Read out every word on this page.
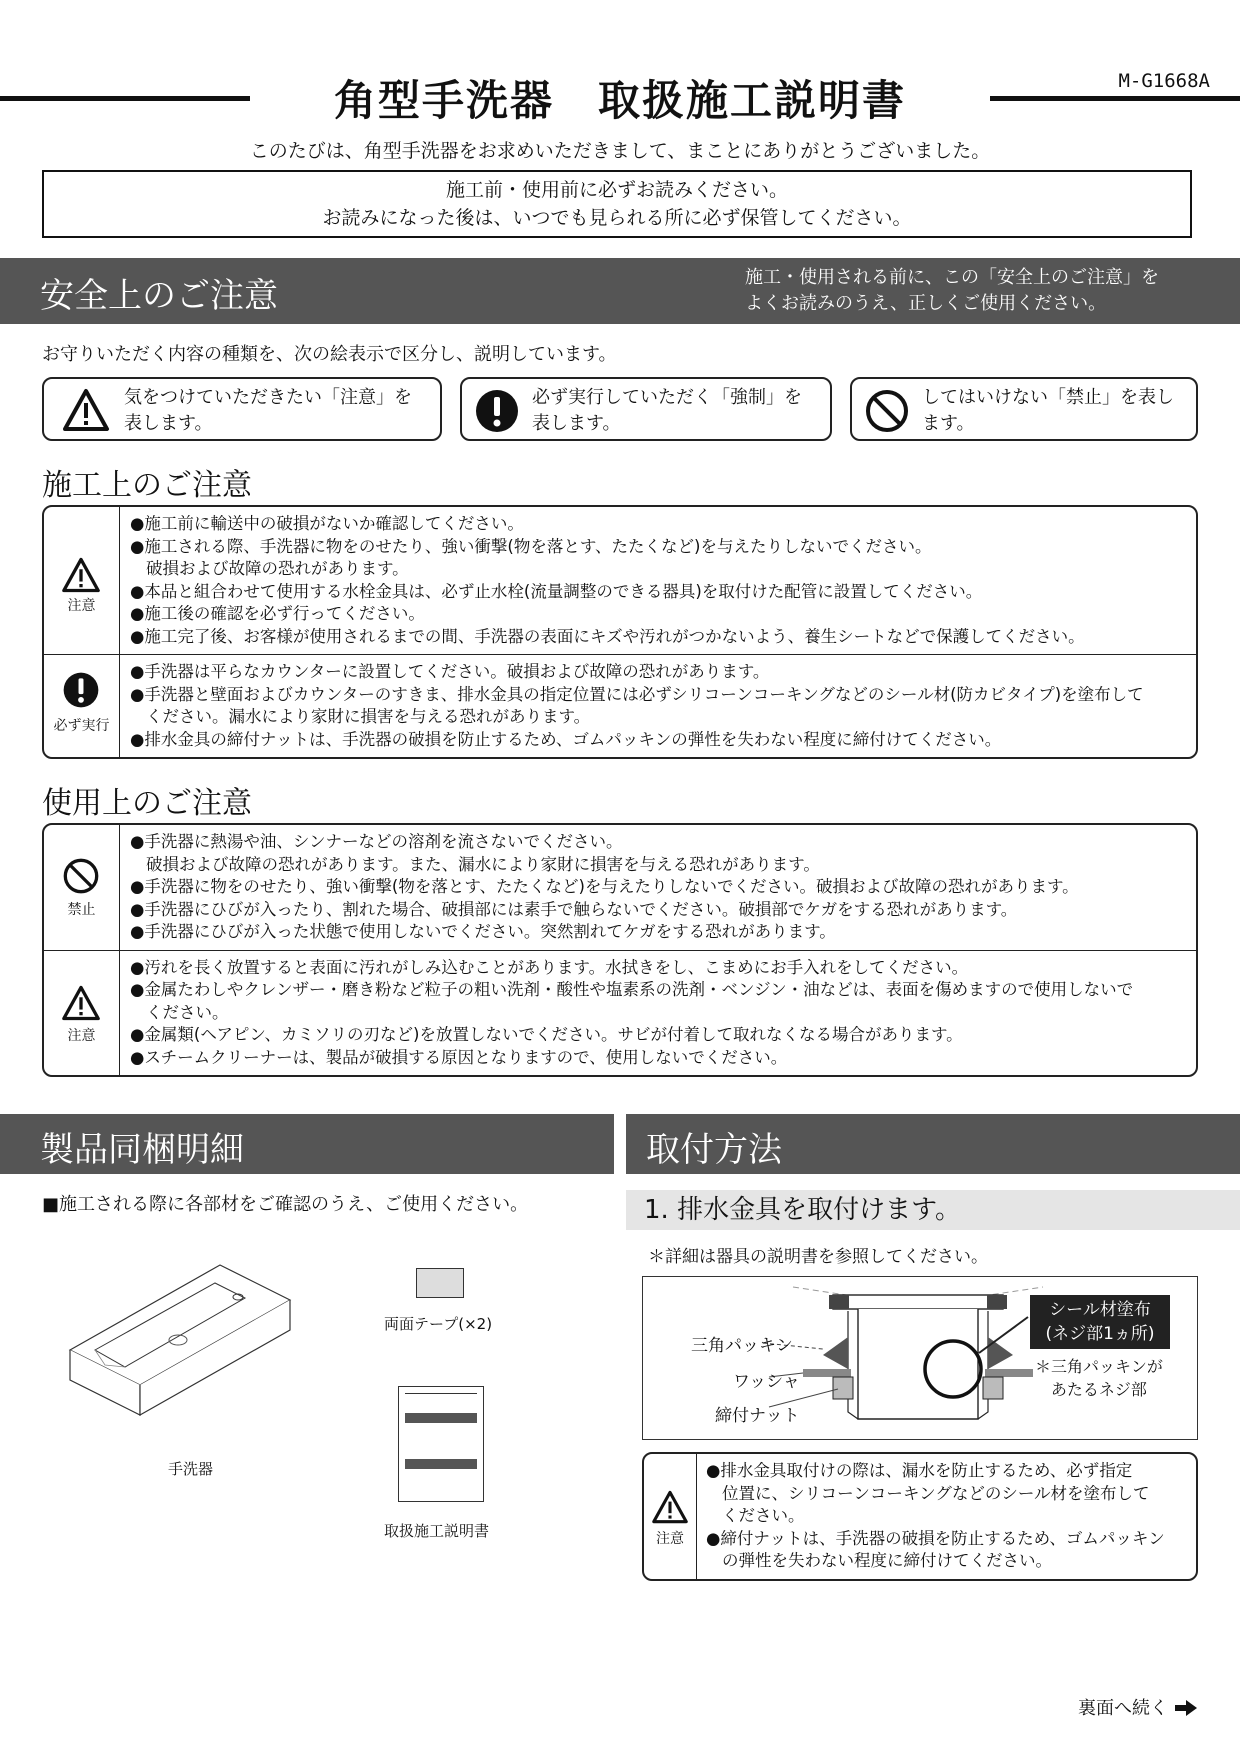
角型手洗器　取扱施工説明書	M-G1668A
このたびは、角型手洗器をお求めいただきまして、まことにありがとうございました。
施工前・使用前に必ずお読みください。
お読みになった後は、いつでも見られる所に必ず保管してください。
安全上のご注意	施工・使用される前に、この「安全上のご注意」を
よくお読みのうえ、正しくご使用ください。
お守りいただく内容の種類を、次の絵表示で区分し、説明しています。
気をつけていただきたい「注意」を
表します。
必ず実行していただく「強制」を
表します。
してはいけない「禁止」を表し
ます。
施工上のご注意
注意
●施工前に輸送中の破損がないか確認してください。
●施工される際、手洗器に物をのせたり、強い衝撃(物を落とす、たたくなど)を与えたりしないでください。
破損および故障の恐れがあります。
●本品と組合わせて使用する水栓金具は、必ず止水栓(流量調整のできる器具)を取付けた配管に設置してください。
●施工後の確認を必ず行ってください。
●施工完了後、お客様が使用されるまでの間、手洗器の表面にキズや汚れがつかないよう、養生シートなどで保護してください。
必ず実行
●手洗器は平らなカウンターに設置してください。破損および故障の恐れがあります。
●手洗器と壁面およびカウンターのすきま、排水金具の指定位置には必ずシリコーンコーキングなどのシール材(防カビタイプ)を塗布して
ください。漏水により家財に損害を与える恐れがあります。
●排水金具の締付ナットは、手洗器の破損を防止するため、ゴムパッキンの弾性を失わない程度に締付けてください。
使用上のご注意
禁止
●手洗器に熱湯や油、シンナーなどの溶剤を流さないでください。
破損および故障の恐れがあります。また、漏水により家財に損害を与える恐れがあります。
●手洗器に物をのせたり、強い衝撃(物を落とす、たたくなど)を与えたりしないでください。破損および故障の恐れがあります。
●手洗器にひびが入ったり、割れた場合、破損部には素手で触らないでください。破損部でケガをする恐れがあります。
●手洗器にひびが入った状態で使用しないでください。突然割れてケガをする恐れがあります。
注意
●汚れを長く放置すると表面に汚れがしみ込むことがあります。水拭きをし、こまめにお手入れをしてください。
●金属たわしやクレンザー・磨き粉など粒子の粗い洗剤・酸性や塩素系の洗剤・ベンジン・油などは、表面を傷めますので使用しないで
ください。
●金属類(ヘアピン、カミソリの刃など)を放置しないでください。サビが付着して取れなくなる場合があります。
●スチームクリーナーは、製品が破損する原因となりますので、使用しないでください。
製品同梱明細
■施工される際に各部材をご確認のうえ、ご使用ください。
手洗器
両面テープ(×2)
取扱施工説明書
取付方法
1. 排水金具を取付けます。
＊詳細は器具の説明書を参照してください。
三角パッキン
ワッシャ
締付ナット
＊三角パッキンが
あたるネジ部
シール材塗布
(ネジ部1ヵ所)
注意
●排水金具取付けの際は、漏水を防止するため、必ず指定
位置に、シリコーンコーキングなどのシール材を塗布して
ください。
●締付ナットは、手洗器の破損を防止するため、ゴムパッキン
の弾性を失わない程度に締付けてください。
裏面へ続く
